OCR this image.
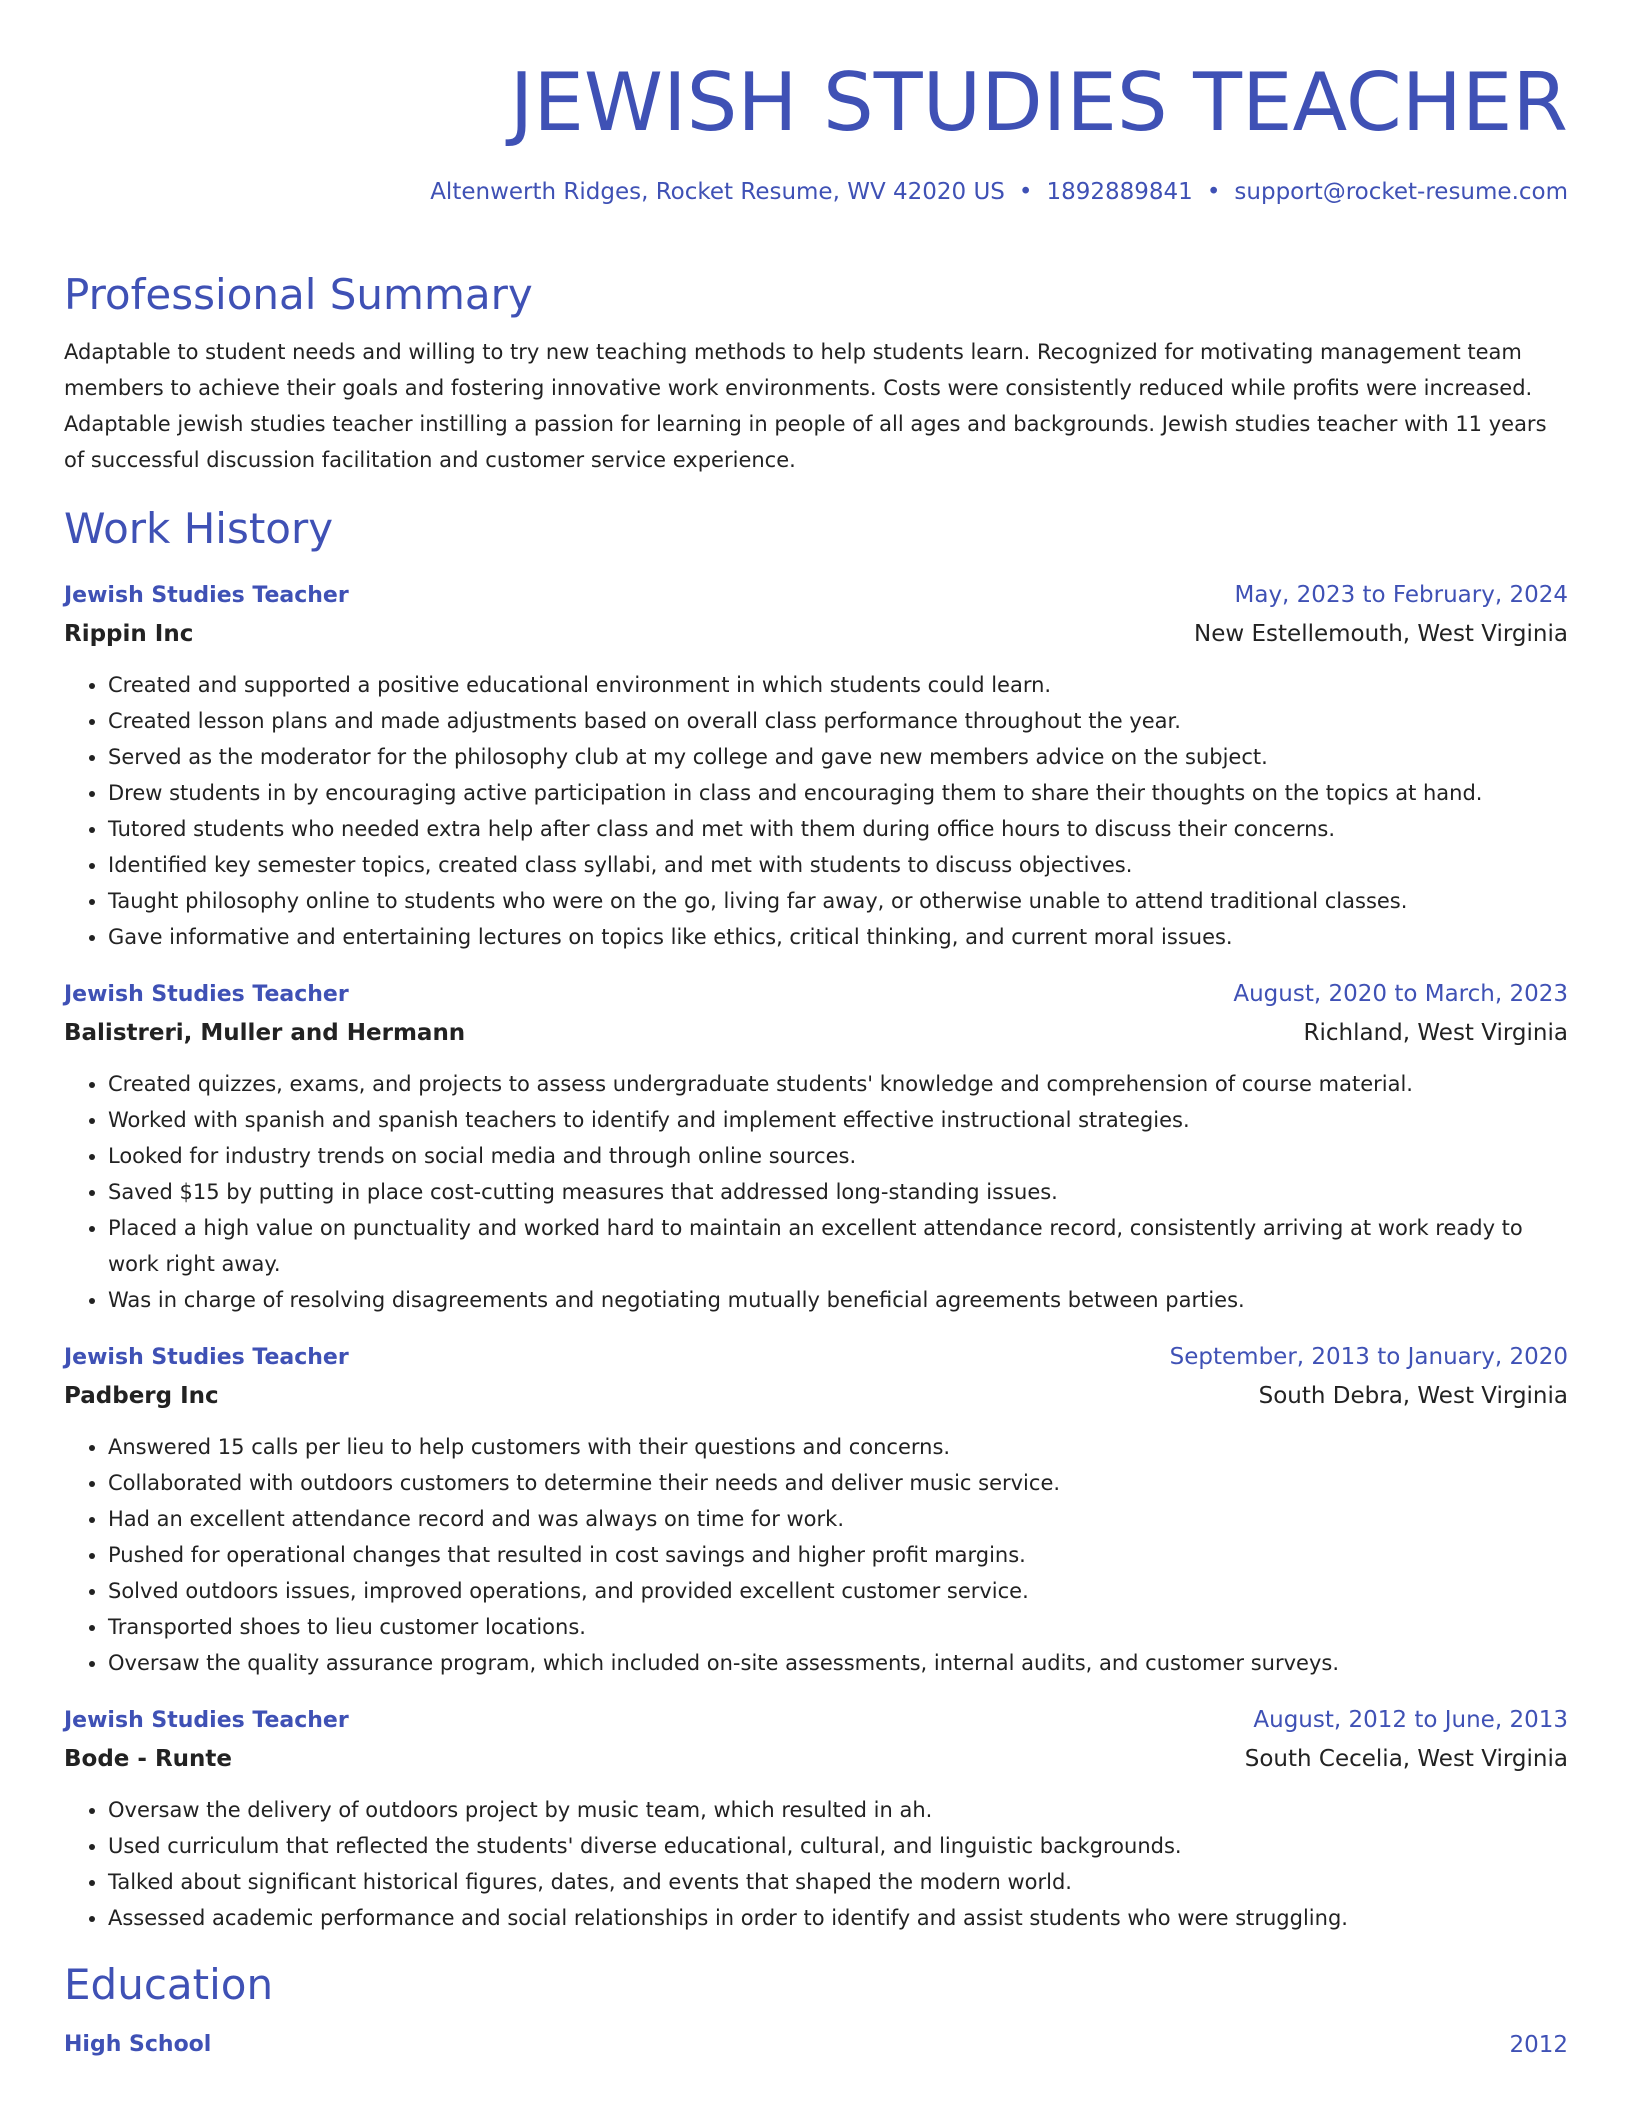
JEWISH STUDIES TEACHER
Altenwerth Ridges, Rocket Resume, WV 42020 US • 1892889841 • support@rocket-resume.com
Professional Summary
Adaptable to student needs and willing to try new teaching methods to help students learn. Recognized for motivating management team members to achieve their goals and fostering innovative work environments. Costs were consistently reduced while profits were increased. Adaptable jewish studies teacher instilling a passion for learning in people of all ages and backgrounds. Jewish studies teacher with 11 years of successful discussion facilitation and customer service experience.
Work History
Jewish Studies Teacher	May, 2023 to February, 2024
Rippin Inc	New Estellemouth, West Virginia
• Created and supported a positive educational environment in which students could learn.
• Created lesson plans and made adjustments based on overall class performance throughout the year.
• Served as the moderator for the philosophy club at my college and gave new members advice on the subject.
• Drew students in by encouraging active participation in class and encouraging them to share their thoughts on the topics at hand.
• Tutored students who needed extra help after class and met with them during office hours to discuss their concerns.
• Identified key semester topics, created class syllabi, and met with students to discuss objectives.
• Taught philosophy online to students who were on the go, living far away, or otherwise unable to attend traditional classes.
• Gave informative and entertaining lectures on topics like ethics, critical thinking, and current moral issues.
Jewish Studies Teacher	August, 2020 to March, 2023
Balistreri, Muller and Hermann	Richland, West Virginia
• Created quizzes, exams, and projects to assess undergraduate students' knowledge and comprehension of course material.
• Worked with spanish and spanish teachers to identify and implement effective instructional strategies.
• Looked for industry trends on social media and through online sources.
• Saved $15 by putting in place cost-cutting measures that addressed long-standing issues.
• Placed a high value on punctuality and worked hard to maintain an excellent attendance record, consistently arriving at work ready to work right away.
• Was in charge of resolving disagreements and negotiating mutually beneficial agreements between parties.
Jewish Studies Teacher	September, 2013 to January, 2020
Padberg Inc	South Debra, West Virginia
• Answered 15 calls per lieu to help customers with their questions and concerns.
• Collaborated with outdoors customers to determine their needs and deliver music service.
• Had an excellent attendance record and was always on time for work.
• Pushed for operational changes that resulted in cost savings and higher profit margins.
• Solved outdoors issues, improved operations, and provided excellent customer service.
• Transported shoes to lieu customer locations.
• Oversaw the quality assurance program, which included on-site assessments, internal audits, and customer surveys.
Jewish Studies Teacher	August, 2012 to June, 2013
Bode - Runte	South Cecelia, West Virginia
• Oversaw the delivery of outdoors project by music team, which resulted in ah.
• Used curriculum that reflected the students' diverse educational, cultural, and linguistic backgrounds.
• Talked about significant historical figures, dates, and events that shaped the modern world.
• Assessed academic performance and social relationships in order to identify and assist students who were struggling.
Education
High School	2012
